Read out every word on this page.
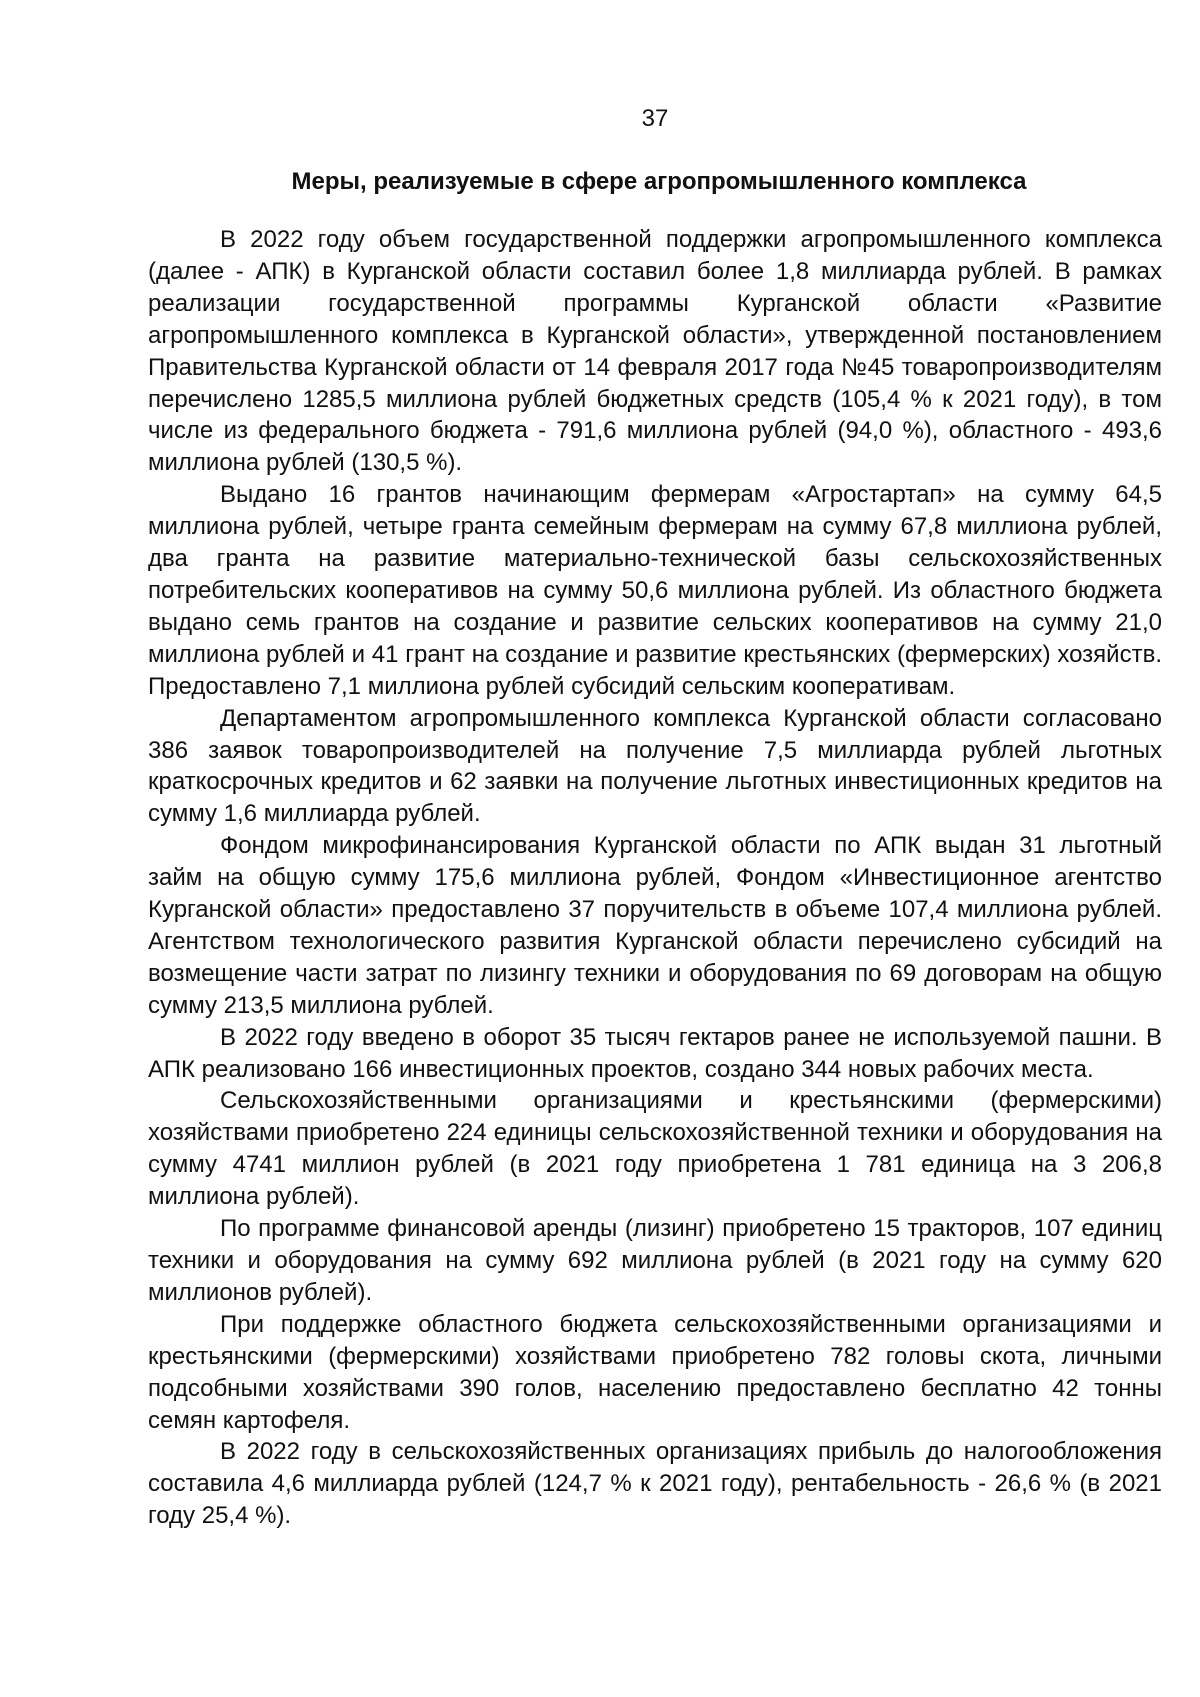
37
Меры, реализуемые в сфере агропромышленного комплекса

В 2022 году объем государственной поддержки агропромышленного комплекса (далее - АПК) в Курганской области составил более 1,8 миллиарда рублей. В рамках реализации государственной программы Курганской области «Развитие агропромышленного комплекса в Курганской области», утвержденной постановлением Правительства Курганской области от 14 февраля 2017 года №45 товаропроизводителям перечислено 1285,5 миллиона рублей бюджетных средств (105,4 % к 2021 году), в том числе из федерального бюджета - 791,6 миллиона рублей (94,0 %), областного - 493,6 миллиона рублей (130,5 %).

Выдано 16 грантов начинающим фермерам «Агростартап» на сумму 64,5 миллиона рублей, четыре гранта семейным фермерам на сумму 67,8 миллиона рублей, два гранта на развитие материально-технической базы сельскохозяйственных потребительских кооперативов на сумму 50,6 миллиона рублей. Из областного бюджета выдано семь грантов на создание и развитие сельских кооперативов на сумму 21,0 миллиона рублей и 41 грант на создание и развитие крестьянских (фермерских) хозяйств. Предоставлено 7,1 миллиона рублей субсидий сельским кооперативам.

Департаментом агропромышленного комплекса Курганской области согласовано 386 заявок товаропроизводителей на получение 7,5 миллиарда рублей льготных краткосрочных кредитов и 62 заявки на получение льготных инвестиционных кредитов на сумму 1,6 миллиарда рублей.

Фондом микрофинансирования Курганской области по АПК выдан 31 льготный займ на общую сумму 175,6 миллиона рублей, Фондом «Инвестиционное агентство Курганской области» предоставлено 37 поручительств в объеме 107,4 миллиона рублей. Агентством технологического развития Курганской области перечислено субсидий на возмещение части затрат по лизингу техники и оборудования по 69 договорам на общую сумму 213,5 миллиона рублей.

В 2022 году введено в оборот 35 тысяч гектаров ранее не используемой пашни. В АПК реализовано 166 инвестиционных проектов, создано 344 новых рабочих места.

Сельскохозяйственными организациями и крестьянскими (фермерскими) хозяйствами приобретено 224 единицы сельскохозяйственной техники и оборудования на сумму 4741 миллион рублей (в 2021 году приобретена 1 781 единица на 3 206,8 миллиона рублей).

По программе финансовой аренды (лизинг) приобретено 15 тракторов, 107 единиц техники и оборудования на сумму 692 миллиона рублей (в 2021 году на сумму 620 миллионов рублей).

При поддержке областного бюджета сельскохозяйственными организациями и крестьянскими (фермерскими) хозяйствами приобретено 782 головы скота, личными подсобными хозяйствами 390 голов, населению предоставлено бесплатно 42 тонны семян картофеля.

В 2022 году в сельскохозяйственных организациях прибыль до налогообложения составила 4,6 миллиарда рублей (124,7 % к 2021 году), рентабельность - 26,6 % (в 2021 году 25,4 %).
